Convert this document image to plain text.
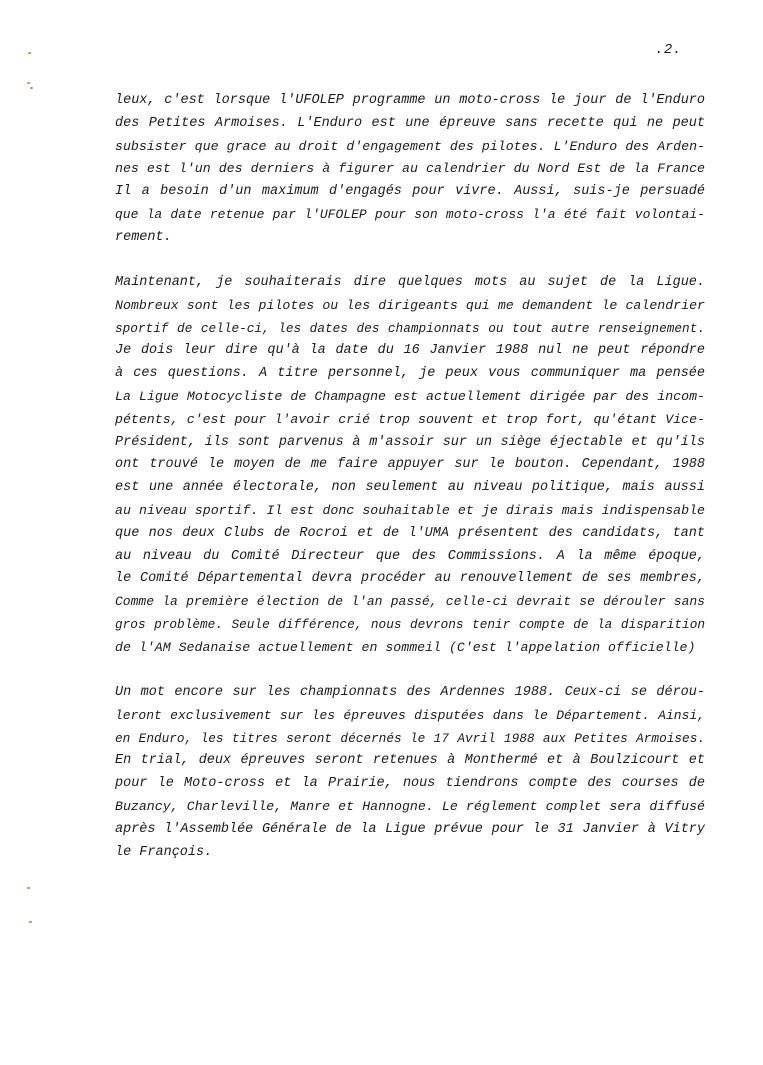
.2.
leux, c'est lorsque l'UFOLEP programme un moto-cross le jour de l'Enduro
des Petites Armoises. L'Enduro est une épreuve sans recette qui ne peut
subsister que grace au droit d'engagement des pilotes. L'Enduro des Arden-
nes est l'un des derniers à figurer au calendrier du Nord Est de la France
Il a besoin d'un maximum d'engagés pour vivre. Aussi, suis-je persuadé
que la date retenue par l'UFOLEP pour son moto-cross l'a été fait volontai-
rement.
Maintenant, je souhaiterais dire quelques mots au sujet de la Ligue.
Nombreux sont les pilotes ou les dirigeants qui me demandent le calendrier
sportif de celle-ci, les dates des championnats ou tout autre renseignement.
Je dois leur dire qu'à la date du 16 Janvier 1988 nul ne peut répondre
à ces questions. A titre personnel, je peux vous communiquer ma pensée
La Ligue Motocycliste de Champagne est actuellement dirigée par des incom-
pétents, c'est pour l'avoir crié trop souvent et trop fort, qu'étant Vice-
Président, ils sont parvenus à m'assoir sur un siège éjectable et qu'ils
ont trouvé le moyen de me faire appuyer sur le bouton. Cependant, 1988
est une année électorale, non seulement au niveau politique, mais aussi
au niveau sportif. Il est donc souhaitable et je dirais mais indispensable
que nos deux Clubs de Rocroi et de l'UMA présentent des candidats, tant
au niveau du Comité Directeur que des Commissions. A la même époque,
le Comité Départemental devra procéder au renouvellement de ses membres,
Comme la première élection de l'an passé, celle-ci devrait se dérouler sans
gros problème. Seule différence, nous devrons tenir compte de la disparition
de l'AM Sedanaise actuellement en sommeil (C'est l'appelation officielle)
Un mot encore sur les championnats des Ardennes 1988. Ceux-ci se dérou-
leront exclusivement sur les épreuves disputées dans le Département. Ainsi,
en Enduro, les titres seront décernés le 17 Avril 1988 aux Petites Armoises.
En trial, deux épreuves seront retenues à Monthermé et à Boulzicourt et
pour le Moto-cross et la Prairie, nous tiendrons compte des courses de
Buzancy, Charleville, Manre et Hannogne. Le réglement complet sera diffusé
après l'Assemblée Générale de la Ligue prévue pour le 31 Janvier à Vitry
le François.
